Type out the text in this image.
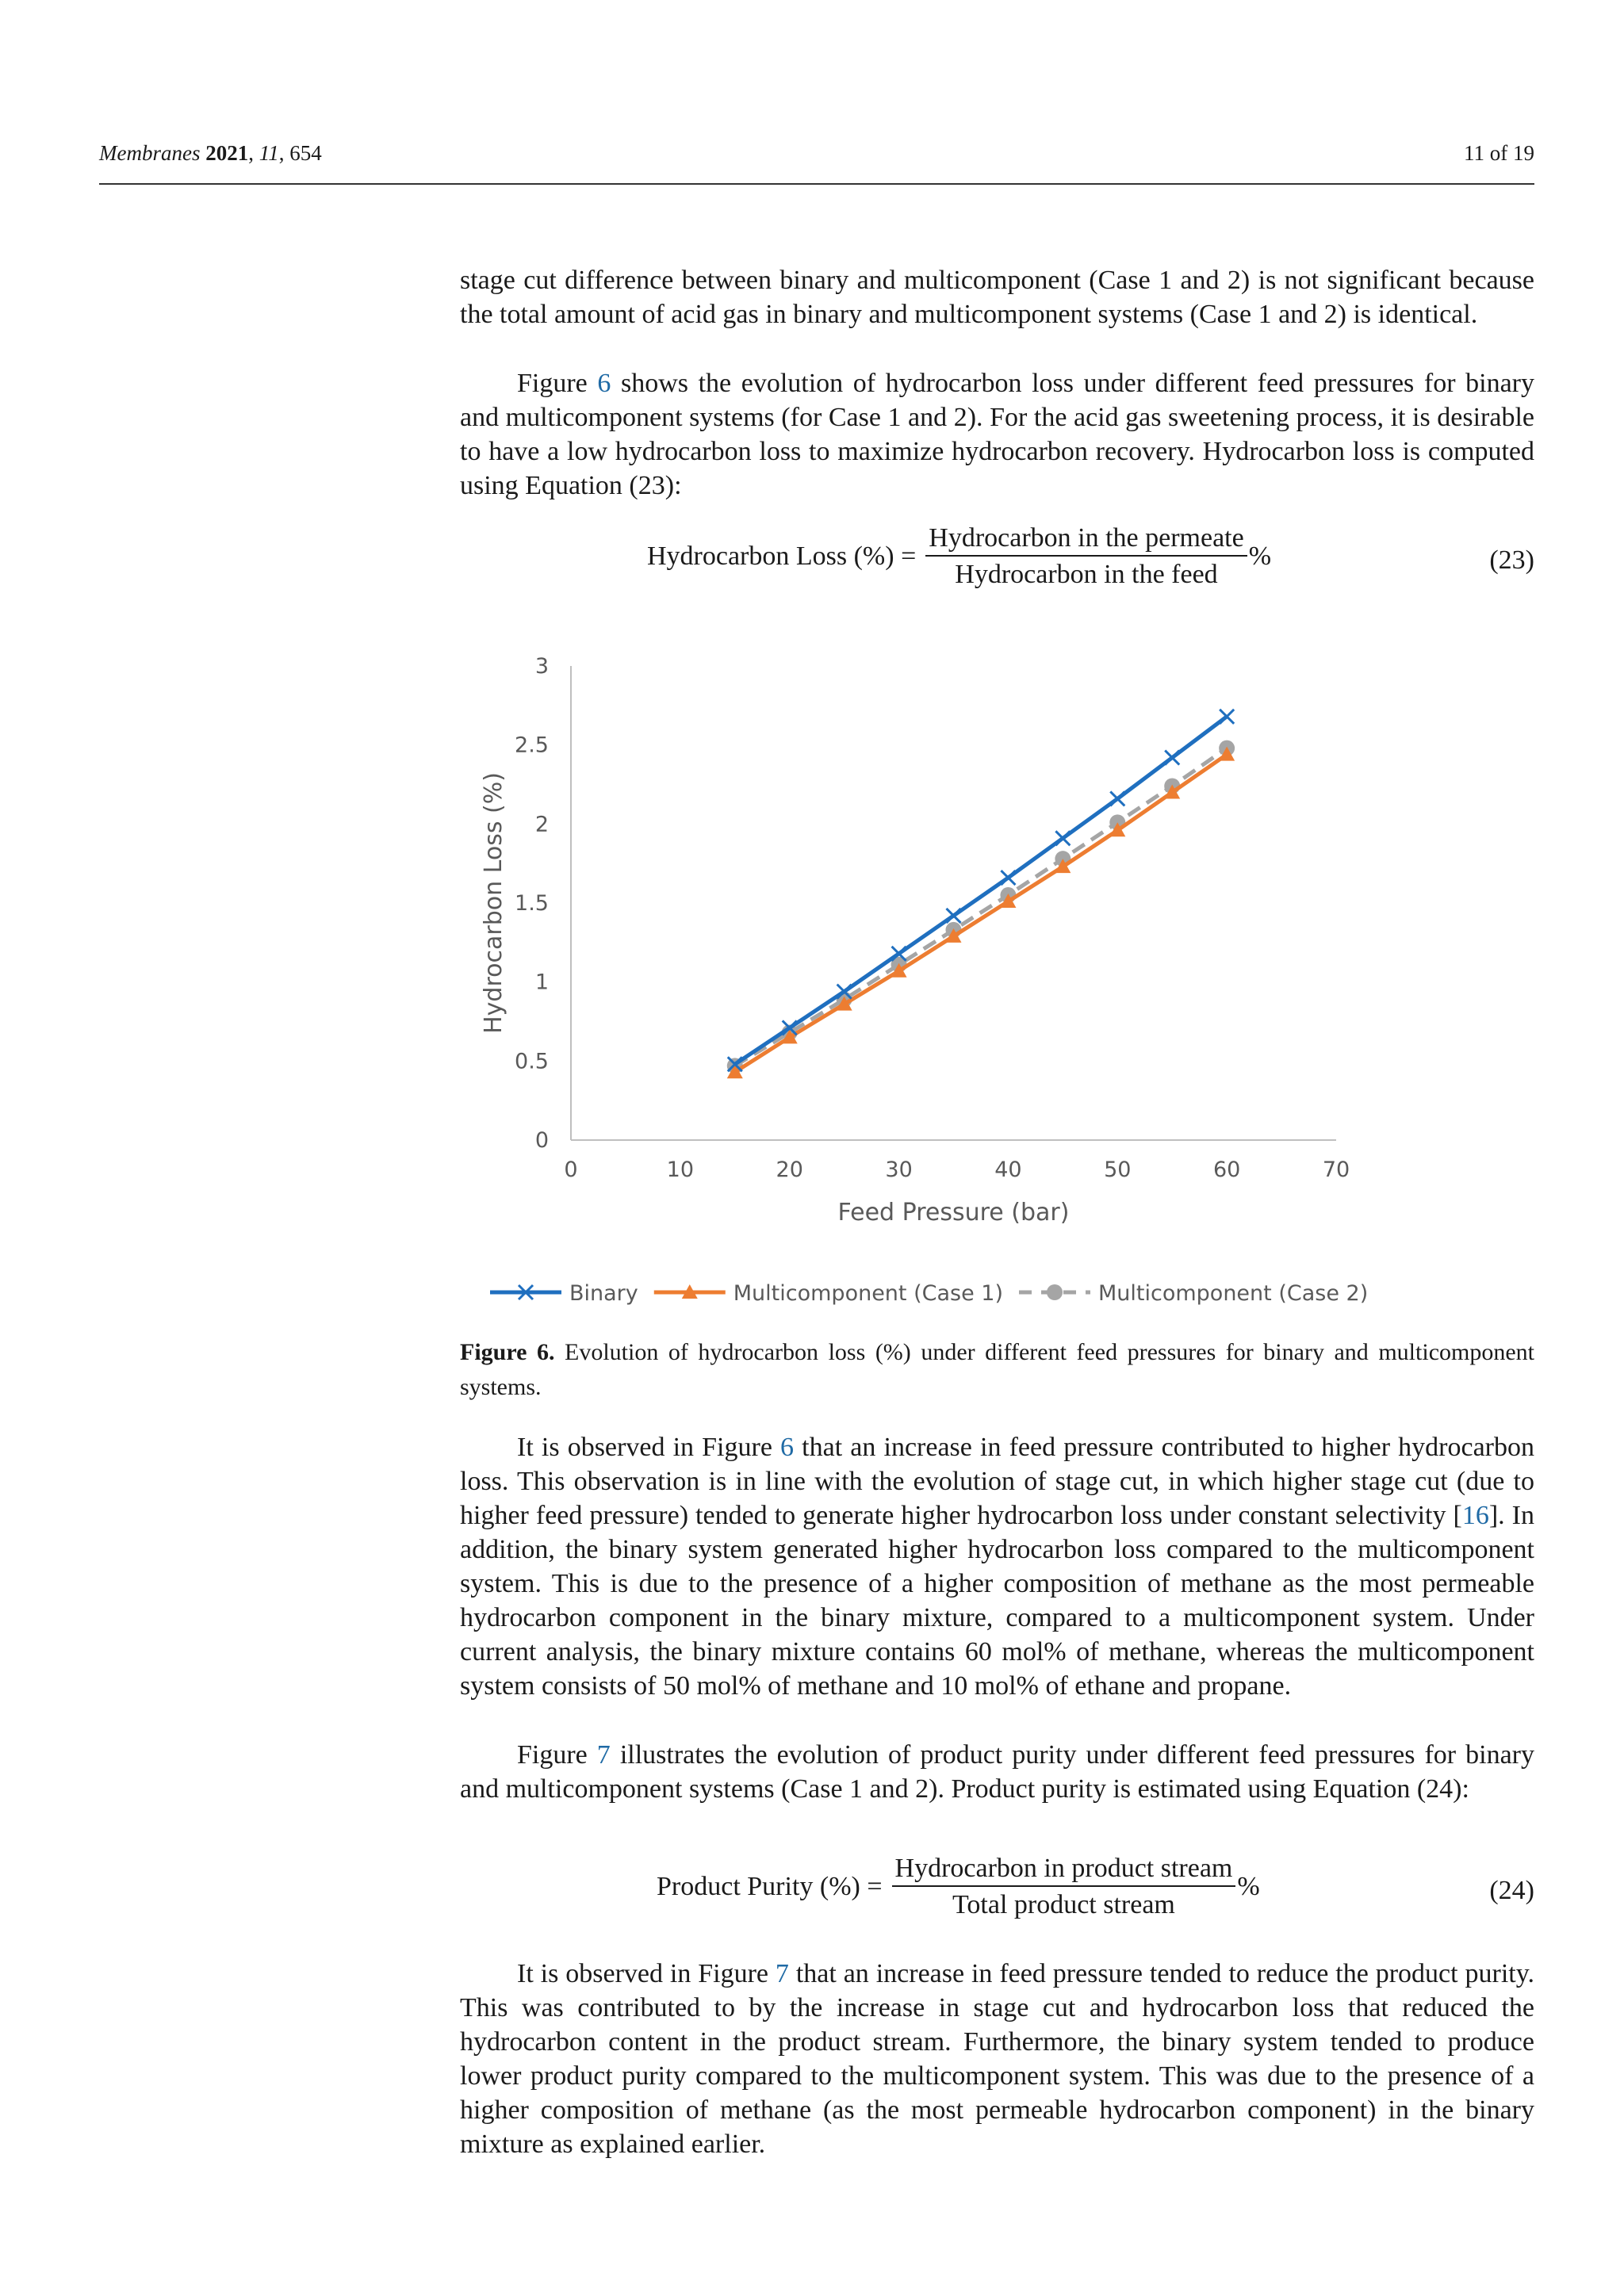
Membranes 2021, 11, 654	11 of 19

stage cut difference between binary and multicomponent (Case 1 and 2) is not significant because the total amount of acid gas in binary and multicomponent systems (Case 1 and 2) is identical.

Figure 6 shows the evolution of hydrocarbon loss under different feed pressures for binary and multicomponent systems (for Case 1 and 2). For the acid gas sweetening process, it is desirable to have a low hydrocarbon loss to maximize hydrocarbon recovery. Hydrocarbon loss is computed using Equation (23):

Hydrocarbon Loss (%) = $\frac{\text{Hydrocarbon in the permeate}}{\text{Hydrocarbon in the feed}}$ %	(23)
0
0.5
1
1.5
2
2.5
3
0	10	20	30	40	50	60	70
Feed Pressure (bar)
Hydrocarbon Loss (%)
Binary	Multicomponent (Case 1)	Multicomponent (Case 2)

Figure 6. Evolution of hydrocarbon loss (%) under different feed pressures for binary and multicomponent systems.

It is observed in Figure 6 that an increase in feed pressure contributed to higher hydrocarbon loss. This observation is in line with the evolution of stage cut, in which higher stage cut (due to higher feed pressure) tended to generate higher hydrocarbon loss under constant selectivity [16]. In addition, the binary system generated higher hydrocarbon loss compared to the multicomponent system. This is due to the presence of a higher composition of methane as the most permeable hydrocarbon component in the binary mixture, compared to a multicomponent system. Under current analysis, the binary mixture contains 60 mol% of methane, whereas the multicomponent system consists of 50 mol% of methane and 10 mol% of ethane and propane.

Figure 7 illustrates the evolution of product purity under different feed pressures for binary and multicomponent systems (Case 1 and 2). Product purity is estimated using Equation (24):

Product Purity (%) = $\frac{\text{Hydrocarbon in product stream}}{\text{Total product stream}}$ %	(24)

It is observed in Figure 7 that an increase in feed pressure tended to reduce the product purity. This was contributed to by the increase in stage cut and hydrocarbon loss that reduced the hydrocarbon content in the product stream. Furthermore, the binary system tended to produce lower product purity compared to the multicomponent system. This was due to the presence of a higher composition of methane (as the most permeable hydrocarbon component) in the binary mixture as explained earlier.
